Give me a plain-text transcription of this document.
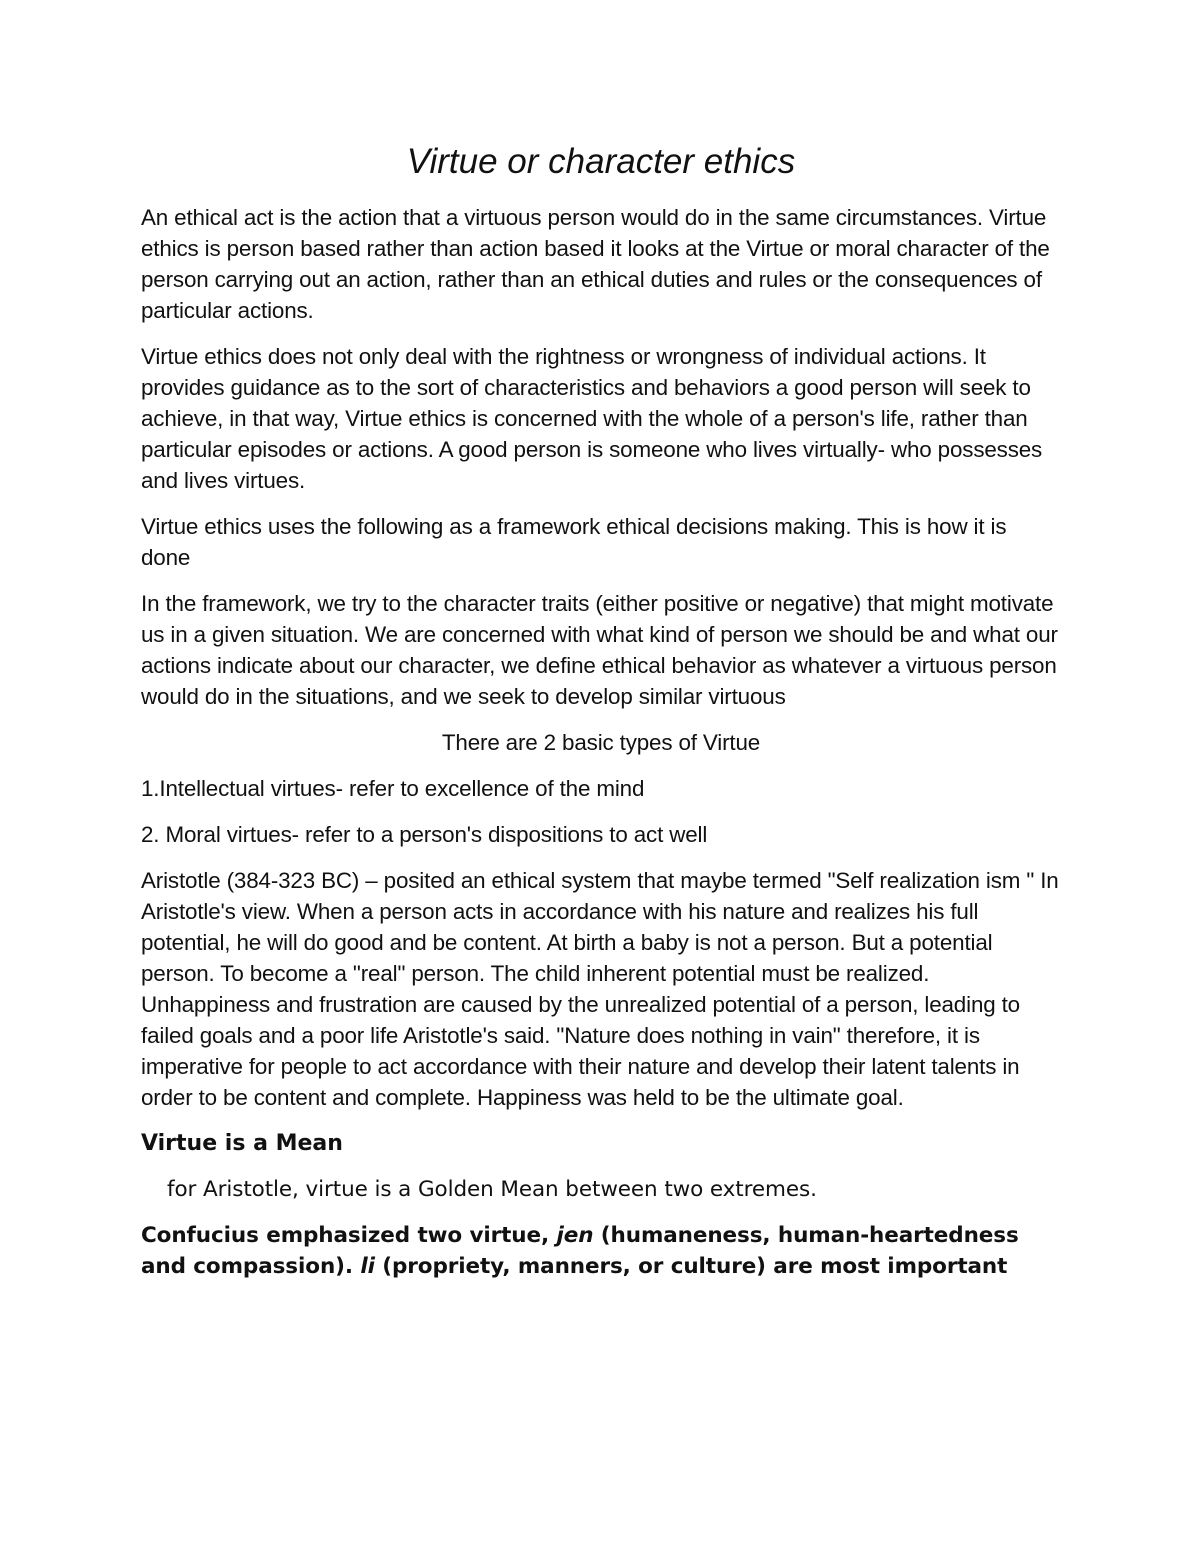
Virtue or character ethics

An ethical act is the action that a virtuous person would do in the same circumstances. Virtue ethics is person based rather than action based it looks at the Virtue or moral character of the person carrying out an action, rather than an ethical duties and rules or the consequences of particular actions.

Virtue ethics does not only deal with the rightness or wrongness of individual actions. It provides guidance as to the sort of characteristics and behaviors a good person will seek to achieve, in that way, Virtue ethics is concerned with the whole of a person's life, rather than particular episodes or actions. A good person is someone who lives virtually- who possesses and lives virtues.

Virtue ethics uses the following as a framework ethical decisions making. This is how it is done

In the framework, we try to the character traits (either positive or negative) that might motivate us in a given situation. We are concerned with what kind of person we should be and what our actions indicate about our character, we define ethical behavior as whatever a virtuous person would do in the situations, and we seek to develop similar virtuous

There are 2 basic types of Virtue

1.Intellectual virtues- refer to excellence of the mind

2. Moral virtues- refer to a person's dispositions to act well

Aristotle (384-323 BC) – posited an ethical system that maybe termed "Self realization ism " In Aristotle's view. When a person acts in accordance with his nature and realizes his full potential, he will do good and be content. At birth a baby is not a person. But a potential person. To become a "real" person. The child inherent potential must be realized. Unhappiness and frustration are caused by the unrealized potential of a person, leading to failed goals and a poor life Aristotle's said. "Nature does nothing in vain" therefore, it is imperative for people to act accordance with their nature and develop their latent talents in order to be content and complete. Happiness was held to be the ultimate goal.

Virtue is a Mean

for Aristotle, virtue is a Golden Mean between two extremes.

Confucius emphasized two virtue, jen (humaneness, human-heartedness and compassion). li (propriety, manners, or culture) are most important
